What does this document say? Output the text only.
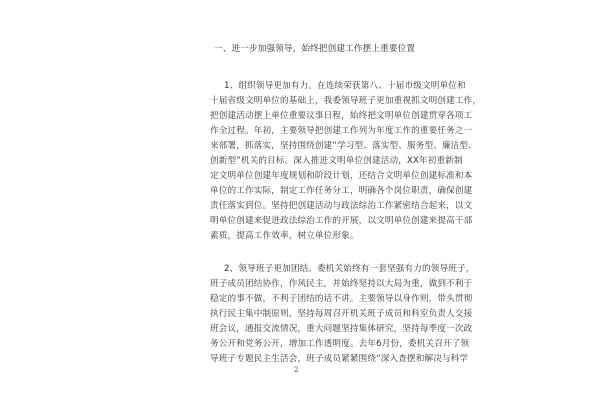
一、进一步加强领导，始终把创建工作摆上重要位置
1、组织领导更加有力。在连续荣获第八、十届市级文明单位和
十届省级文明单位的基础上，我委领导班子更加重视抓文明创建工作，
把创建活动摆上单位重要议事日程，始终把文明单位创建贯穿各项工
作全过程。年初，主要领导把创建工作列为年度工作的重要任务之一
来部署，抓落实，坚持围绕创建“学习型、落实型、服务型、廉洁型、
创新型”机关的目标，深入推进文明单位创建活动，XX年初重新制
定文明单位创建年度规划和阶段计划，还结合文明单位创建标准和本
单位的工作实际，制定工作任务分工，明确各个岗位职责，确保创建
责任落实到位。坚持把创建活动与政法综治工作紧密结合起来，以文
明单位创建来促进政法综治工作的开展，以文明单位创建来提高干部
素质，提高工作效率，树立单位形象。
2、领导班子更加团结。委机关始终有一套坚强有力的领导班子，
班子成员团结协作，作风民主，并始终坚持以大局为重，做到不利于
稳定的事不做，不利于团结的话不讲。主要领导以身作则，带头贯彻
执行民主集中制原则，坚持每周召开机关班子成员和科室负责人交接
班会议，通报交流情况，重大问题坚持集体研究，坚持每季度一次政
务公开和党务公开，增加工作透明度。去年6月份，委机关召开了领
导班子专题民主生活会，班子成员紧紧围绕“深入查摆和解决与科学
2
